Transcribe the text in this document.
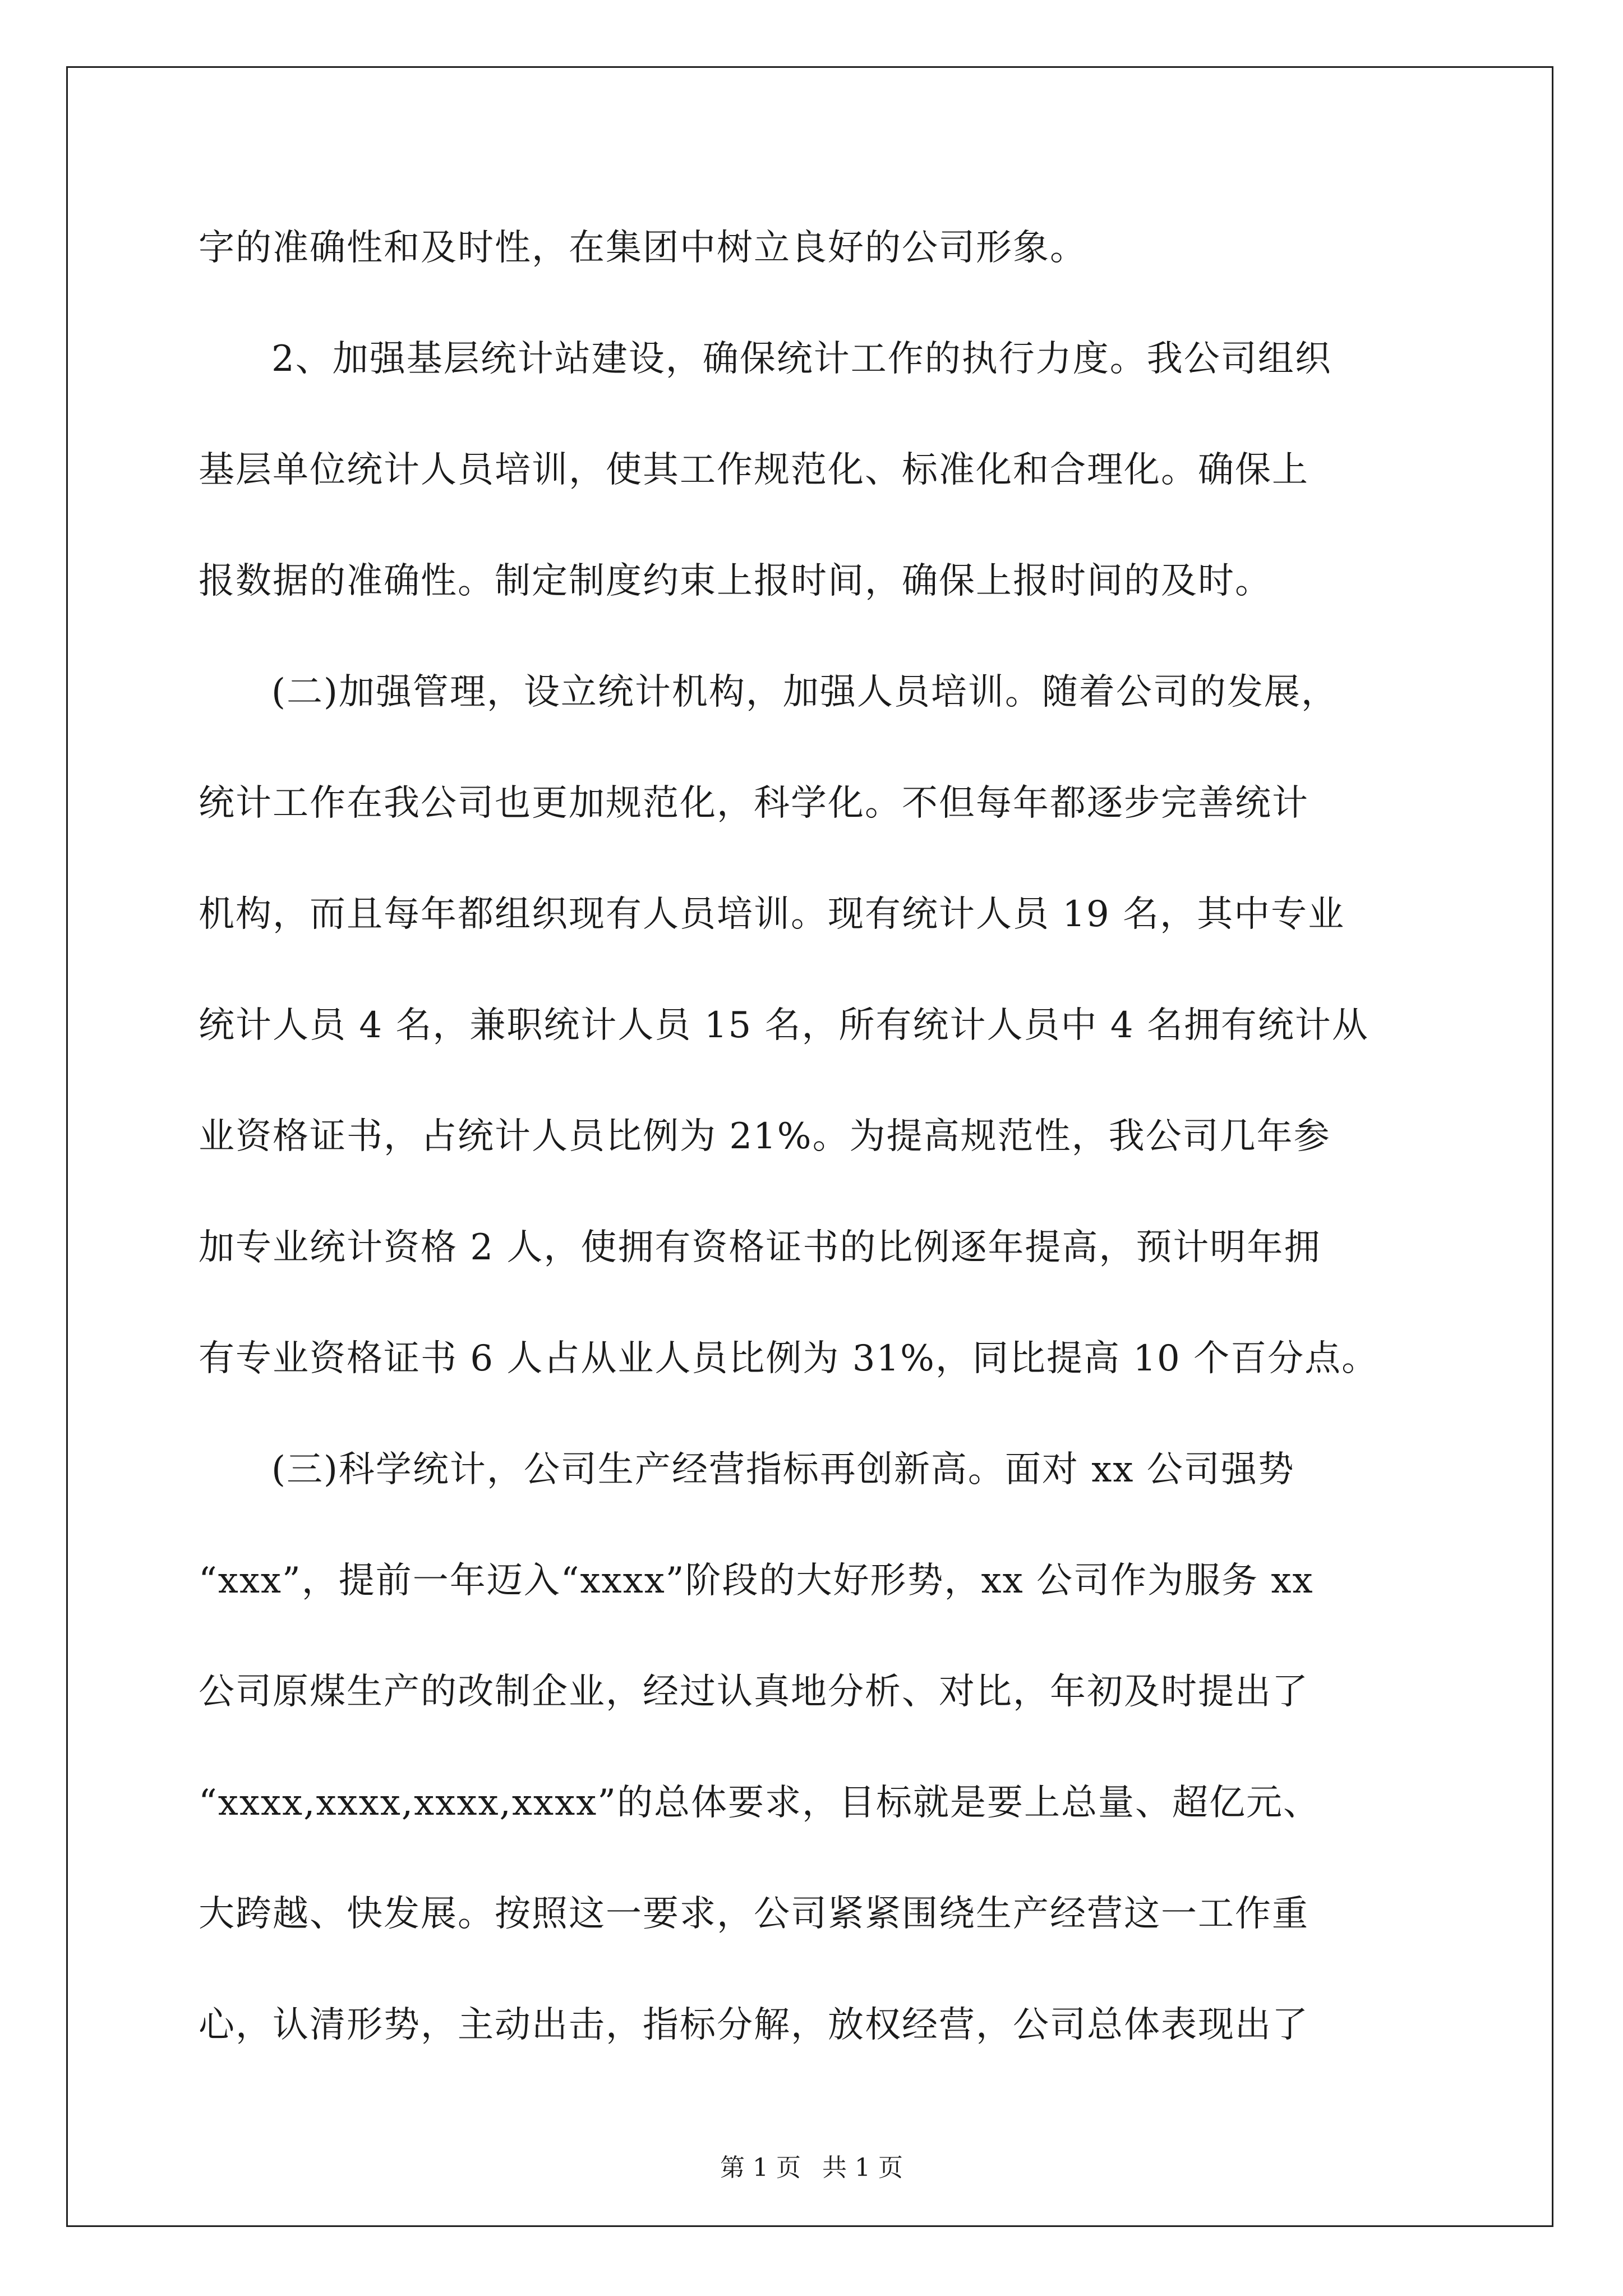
字的准确性和及时性，在集团中树立良好的公司形象。
2、加强基层统计站建设，确保统计工作的执行力度。我公司组织
基层单位统计人员培训，使其工作规范化、标准化和合理化。确保上
报数据的准确性。制定制度约束上报时间，确保上报时间的及时。
(二)加强管理，设立统计机构，加强人员培训。随着公司的发展，
统计工作在我公司也更加规范化，科学化。不但每年都逐步完善统计
机构，而且每年都组织现有人员培训。现有统计人员 19 名，其中专业
统计人员 4 名，兼职统计人员 15 名，所有统计人员中 4 名拥有统计从
业资格证书，占统计人员比例为 21%。为提高规范性，我公司几年参
加专业统计资格 2 人，使拥有资格证书的比例逐年提高，预计明年拥
有专业资格证书 6 人占从业人员比例为 31%，同比提高 10 个百分点。
(三)科学统计，公司生产经营指标再创新高。面对 xx 公司强势
“xxx”，提前一年迈入“xxxx”阶段的大好形势，xx 公司作为服务 xx
公司原煤生产的改制企业，经过认真地分析、对比，年初及时提出了
“xxxx,xxxx,xxxx,xxxx”的总体要求，目标就是要上总量、超亿元、
大跨越、快发展。按照这一要求，公司紧紧围绕生产经营这一工作重
心，认清形势，主动出击，指标分解，放权经营，公司总体表现出了
第 1 页 共 1 页
